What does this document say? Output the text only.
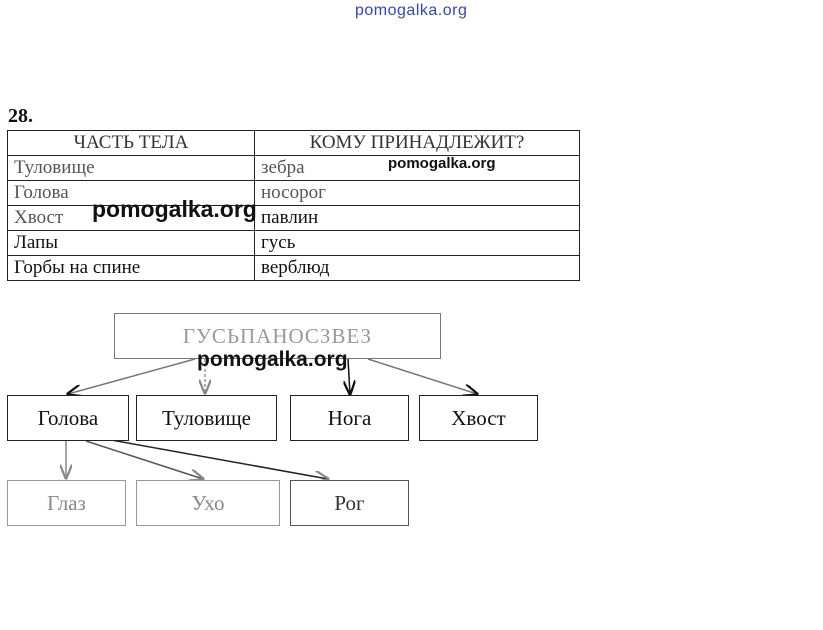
pomogalka.org
28.
ЧАСТЬ ТЕЛА	КОМУ ПРИНАДЛЕЖИТ?
Туловище	зебра
Голова	носорог
Хвост	павлин
Лапы	гусь
Горбы на спине	верблюд
pomogalka.org
pomogalka.org
ГУСЬПАНОСЗВЕЗ
Голова	Туловище	Нога	Хвост
Глаз	Ухо	Рог
pomogalka.org
